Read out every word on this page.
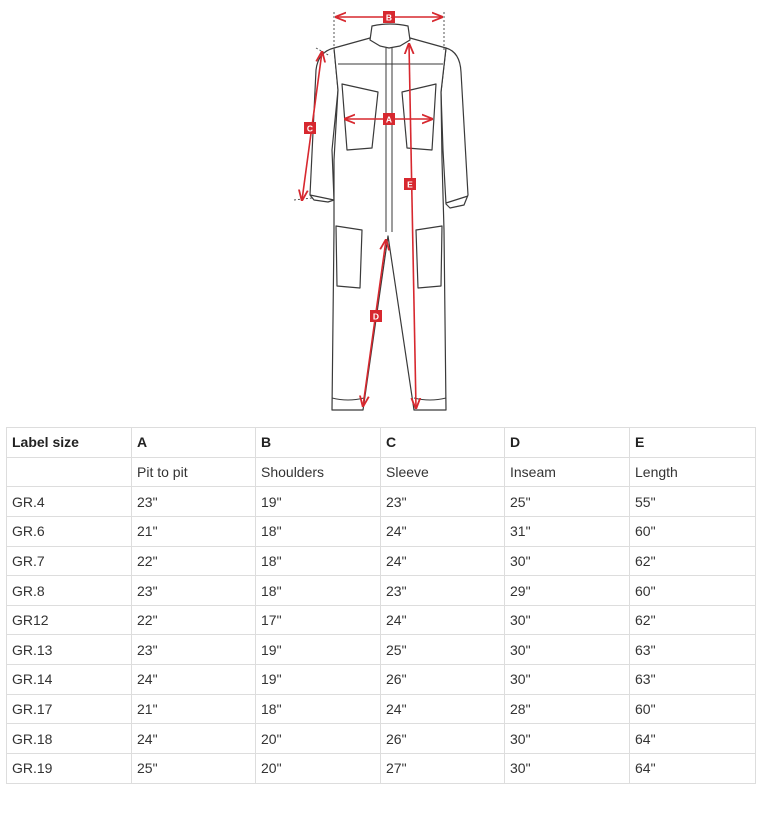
B
A
C
E
D
Label size	A	B	C	D	E
	Pit to pit	Shoulders	Sleeve	Inseam	Length
GR.4	23"	19"	23"	25"	55"
GR.6	21"	18"	24"	31"	60"
GR.7	22"	18"	24"	30"	62"
GR.8	23"	18"	23"	29"	60"
GR12	22"	17"	24"	30"	62"
GR.13	23"	19"	25"	30"	63"
GR.14	24"	19"	26"	30"	63"
GR.17	21"	18"	24"	28"	60"
GR.18	24"	20"	26"	30"	64"
GR.19	25"	20"	27"	30"	64"
